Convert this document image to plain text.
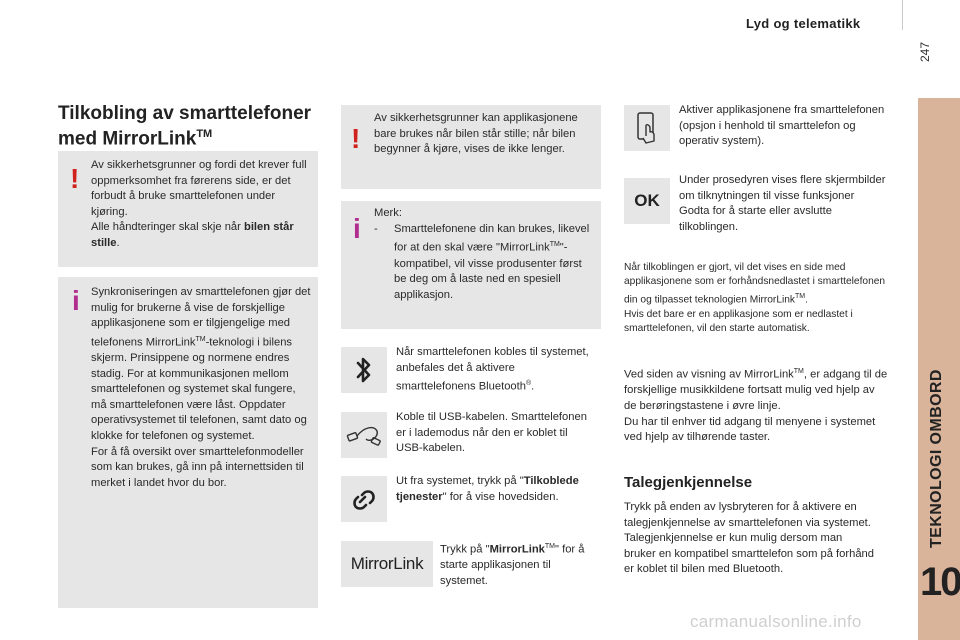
Lyd og telematikk
247
TEKNOLOGI OMBORD
10
Tilkobling av smarttelefoner
med MirrorLink™
! Av sikkerhetsgrunner og fordi det krever full oppmerksomhet fra førerens side, er det forbudt å bruke smarttelefonen under kjøring.
Alle håndteringer skal skje når bilen står stille.
i Synkroniseringen av smarttelefonen gjør det mulig for brukerne å vise de forskjellige applikasjonene som er tilgjengelige med telefonens MirrorLink™-teknologi i bilens skjerm. Prinsippene og normene endres stadig. For at kommunikasjonen mellom smarttelefonen og systemet skal fungere, må smarttelefonen være låst. Oppdater operativsystemet til telefonen, samt dato og klokke for telefonen og systemet.
For å få oversikt over smarttelefonmodeller som kan brukes, gå inn på internettsiden til merket i landet hvor du bor.
!
Av sikkerhetsgrunner kan applikasjonene bare brukes når bilen står stille; når bilen begynner å kjøre, vises de ikke lenger.
i Merk:
-	Smarttelefonene din kan brukes, likevel for at den skal være "MirrorLink™"-kompatibel, vil visse produsenter først be deg om å laste ned en spesiell applikasjon.
Når smarttelefonen kobles til systemet, anbefales det å aktivere smarttelefonens Bluetooth®.
Koble til USB-kabelen. Smarttelefonen er i lademodus når den er koblet til USB-kabelen.
Ut fra systemet, trykk på "Tilkoblede tjenester" for å vise hovedsiden.
MirrorLink
Trykk på "MirrorLink™" for å starte applikasjonen til systemet.
Aktiver applikasjonene fra smarttelefonen (opsjon i henhold til smarttelefon og operativ system).
OK
Under prosedyren vises flere skjermbilder om tilknytningen til visse funksjoner
Godta for å starte eller avslutte tilkoblingen.
Når tilkoblingen er gjort, vil det vises en side med applikasjonene som er forhåndsnedlastet i smarttelefonen din og tilpasset teknologien MirrorLink™.
Hvis det bare er en applikasjone som er nedlastet i smarttelefonen, vil den starte automatisk.
Ved siden av visning av MirrorLink™, er adgang til de forskjellige musikkildene fortsatt mulig ved hjelp av de berøringstastene i øvre linje.
Du har til enhver tid adgang til menyene i systemet ved hjelp av tilhørende taster.
Talegjenkjennelse
Trykk på enden av lysbryteren for å aktivere en talegjenkjennelse av smarttelefonen via systemet.
Talegjenkjennelse er kun mulig dersom man bruker en kompatibel smarttelefon som på forhånd er koblet til bilen med Bluetooth.
carmanualsonline.info
